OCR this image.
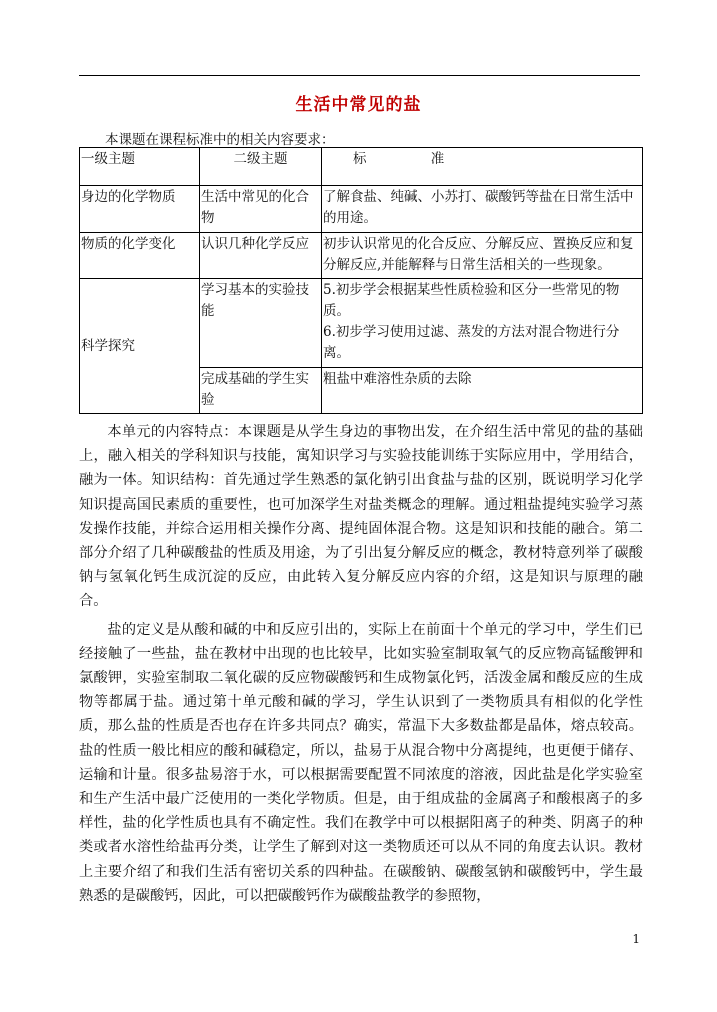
生活中常见的盐
本课题在课程标准中的相关内容要求：
一级主题	二级主题	标 准

身边的化学物质	生活中常见的化合物	了解食盐、纯碱、小苏打、碳酸钙等盐在日常生活中的用途。
物质的化学变化	认识几种化学反应	初步认识常见的化合反应、分解反应、置换反应和复分解反应,并能解释与日常生活相关的一些现象。
科学探究	学习基本的实验技能	5.初步学会根据某些性质检验和区分一些常见的物质。
6.初步学习使用过滤、蒸发的方法对混合物进行分离。

	完成基础的学生实验	粗盐中难溶性杂质的去除

本单元的内容特点：本课题是从学生身边的事物出发，在介绍生活中常见的盐的基础上，融入相关的学科知识与技能，寓知识学习与实验技能训练于实际应用中，学用结合，融为一体。知识结构：首先通过学生熟悉的氯化钠引出食盐与盐的区别，既说明学习化学知识提高国民素质的重要性，也可加深学生对盐类概念的理解。通过粗盐提纯实验学习蒸发操作技能，并综合运用相关操作分离、提纯固体混合物。这是知识和技能的融合。第二部分介绍了几种碳酸盐的性质及用途，为了引出复分解反应的概念，教材特意列举了碳酸钠与氢氧化钙生成沉淀的反应，由此转入复分解反应内容的介绍，这是知识与原理的融合。

盐的定义是从酸和碱的中和反应引出的，实际上在前面十个单元的学习中，学生们已经接触了一些盐，盐在教材中出现的也比较早，比如实验室制取氧气的反应物高锰酸钾和氯酸钾，实验室制取二氧化碳的反应物碳酸钙和生成物氯化钙，活泼金属和酸反应的生成物等都属于盐。通过第十单元酸和碱的学习，学生认识到了一类物质具有相似的化学性质，那么盐的性质是否也存在许多共同点？确实，常温下大多数盐都是晶体，熔点较高。盐的性质一般比相应的酸和碱稳定，所以，盐易于从混合物中分离提纯，也更便于储存、运输和计量。很多盐易溶于水，可以根据需要配置不同浓度的溶液，因此盐是化学实验室和生产生活中最广泛使用的一类化学物质。但是，由于组成盐的金属离子和酸根离子的多样性，盐的化学性质也具有不确定性。我们在教学中可以根据阳离子的种类、阴离子的种类或者水溶性给盐再分类，让学生了解到对这一类物质还可以从不同的角度去认识。教材上主要介绍了和我们生活有密切关系的四种盐。在碳酸钠、碳酸氢钠和碳酸钙中，学生最熟悉的是碳酸钙，因此，可以把碳酸钙作为碳酸盐教学的参照物，

1
